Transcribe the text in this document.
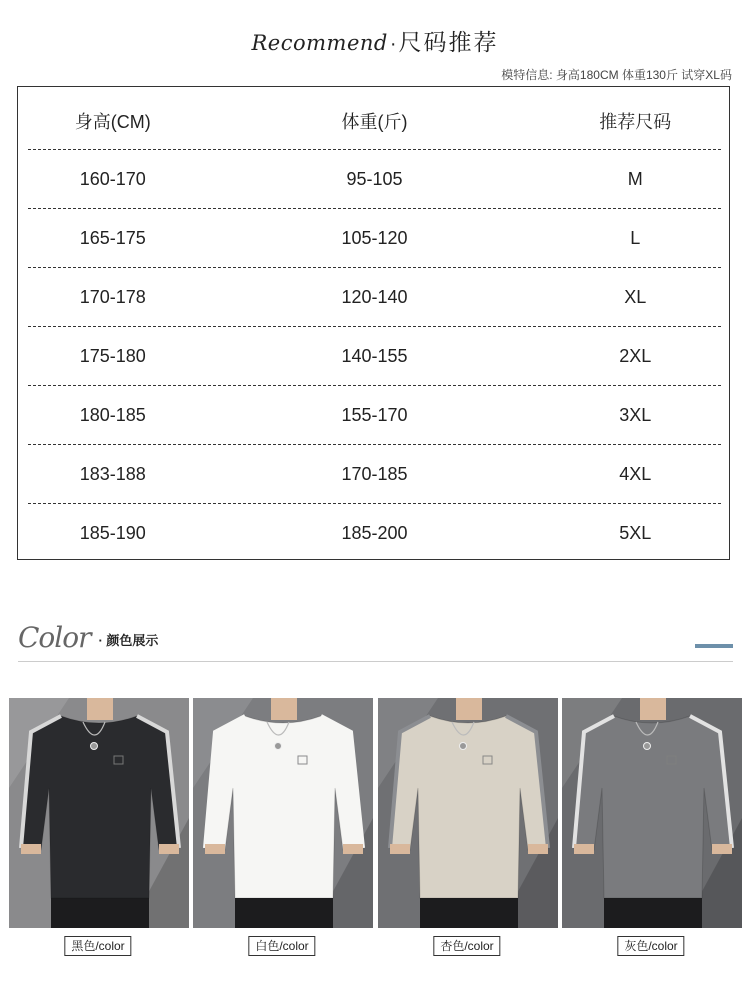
Recommend ·尺码推荐
模特信息: 身高180CM 体重130斤 试穿XL码
身高(CM)	体重(斤)	推荐尺码
160-170	95-105	M
165-175	105-120	L
170-178	120-140	XL
175-180	140-155	2XL
180-185	155-170	3XL
183-188	170-185	4XL
185-190	185-200	5XL
Color · 颜色展示
黑色/color	白色/color	杏色/color	灰色/color
